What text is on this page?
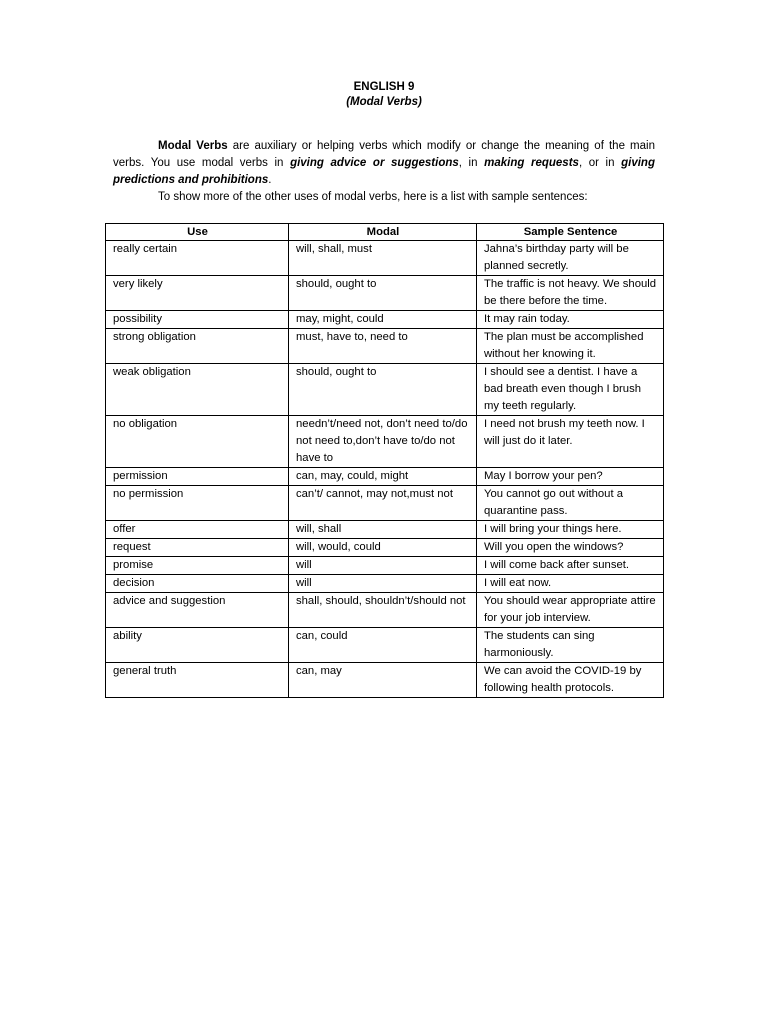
ENGLISH 9
(Modal Verbs)

Modal Verbs are auxiliary or helping verbs which modify or change the meaning of the main verbs. You use modal verbs in giving advice or suggestions, in making requests, or in giving predictions and prohibitions.

To show more of the other uses of modal verbs, here is a list with sample sentences:

Use	Modal	Sample Sentence
really certain	will, shall, must	Jahna’s birthday party will be planned secretly.
very likely	should, ought to	The traffic is not heavy. We should be there before the time.
possibility	may, might, could	It may rain today.
strong obligation	must, have to, need to	The plan must be accomplished without her knowing it.
weak obligation	should, ought to	I should see a dentist. I have a bad breath even though I brush my teeth regularly.
no obligation	needn’t/need not, don’t need to/do not need to,don’t have to/do not have to	I need not brush my teeth now. I will just do it later.
permission	can, may, could, might	May I borrow your pen?
no permission	can’t/ cannot, may not,must not	You cannot go out without a quarantine pass.
offer	will, shall	I will bring your things here.
request	will, would, could	Will you open the windows?
promise	will	I will come back after sunset.
decision	will	I will eat now.
advice and suggestion	shall, should, shouldn’t/should not	You should wear appropriate attire for your job interview.
ability	can, could	The students can sing harmoniously.
general truth	can, may	We can avoid the COVID-19 by following health protocols.
